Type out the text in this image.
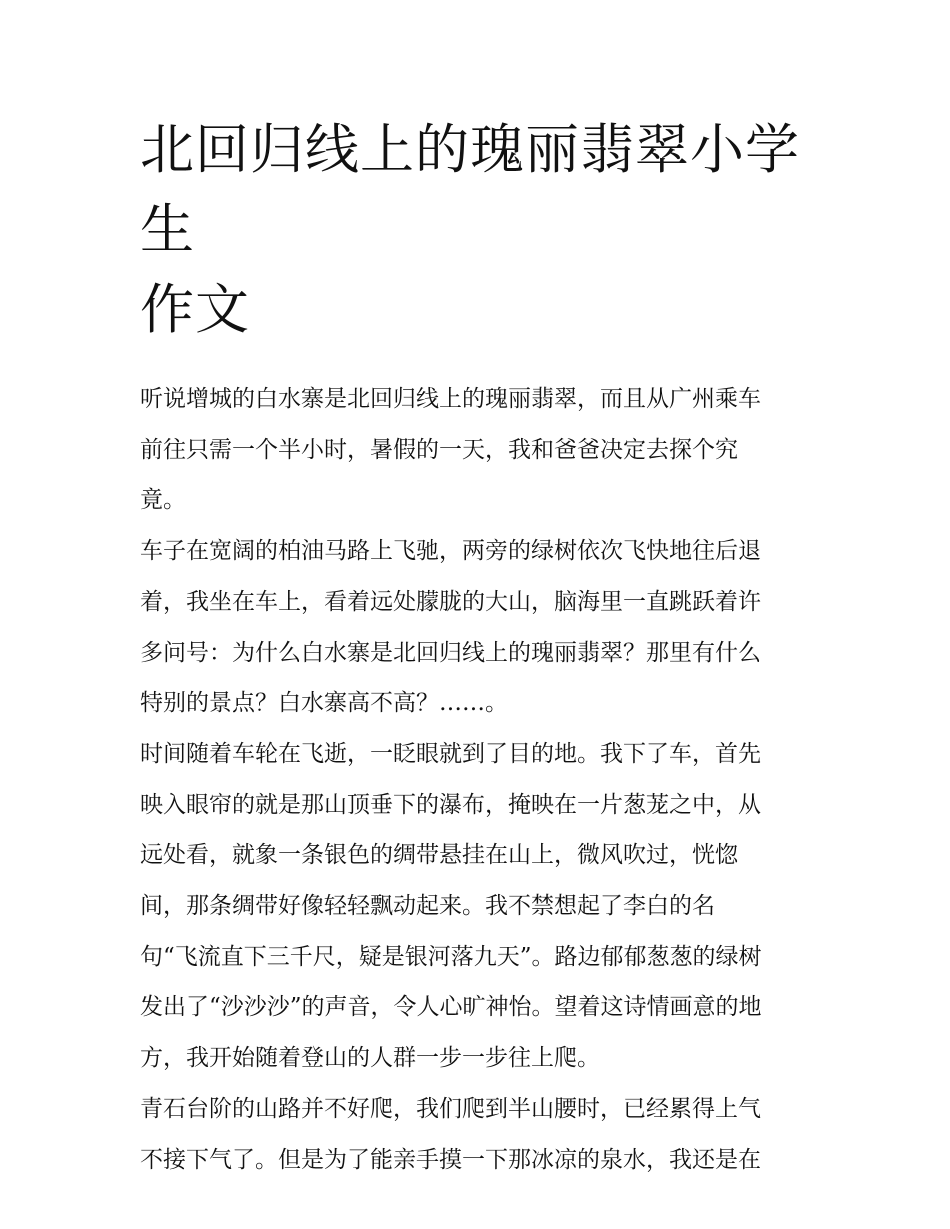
北回归线上的瑰丽翡翠小学生
作文
听说增城的白水寨是北回归线上的瑰丽翡翠，而且从广州乘车
前往只需一个半小时，暑假的一天，我和爸爸决定去探个究
竟。
车子在宽阔的柏油马路上飞驰，两旁的绿树依次飞快地往后退
着，我坐在车上，看着远处朦胧的大山，脑海里一直跳跃着许
多问号：为什么白水寨是北回归线上的瑰丽翡翠？那里有什么
特别的景点？白水寨高不高？……。
时间随着车轮在飞逝，一眨眼就到了目的地。我下了车，首先
映入眼帘的就是那山顶垂下的瀑布，掩映在一片葱茏之中，从
远处看，就象一条银色的绸带悬挂在山上，微风吹过，恍惚
间，那条绸带好像轻轻飘动起来。我不禁想起了李白的名
句“飞流直下三千尺，疑是银河落九天”。路边郁郁葱葱的绿树
发出了“沙沙沙”的声音，令人心旷神怡。望着这诗情画意的地
方，我开始随着登山的人群一步一步往上爬。
青石台阶的山路并不好爬，我们爬到半山腰时，已经累得上气
不接下气了。但是为了能亲手摸一下那冰凉的泉水，我还是在
